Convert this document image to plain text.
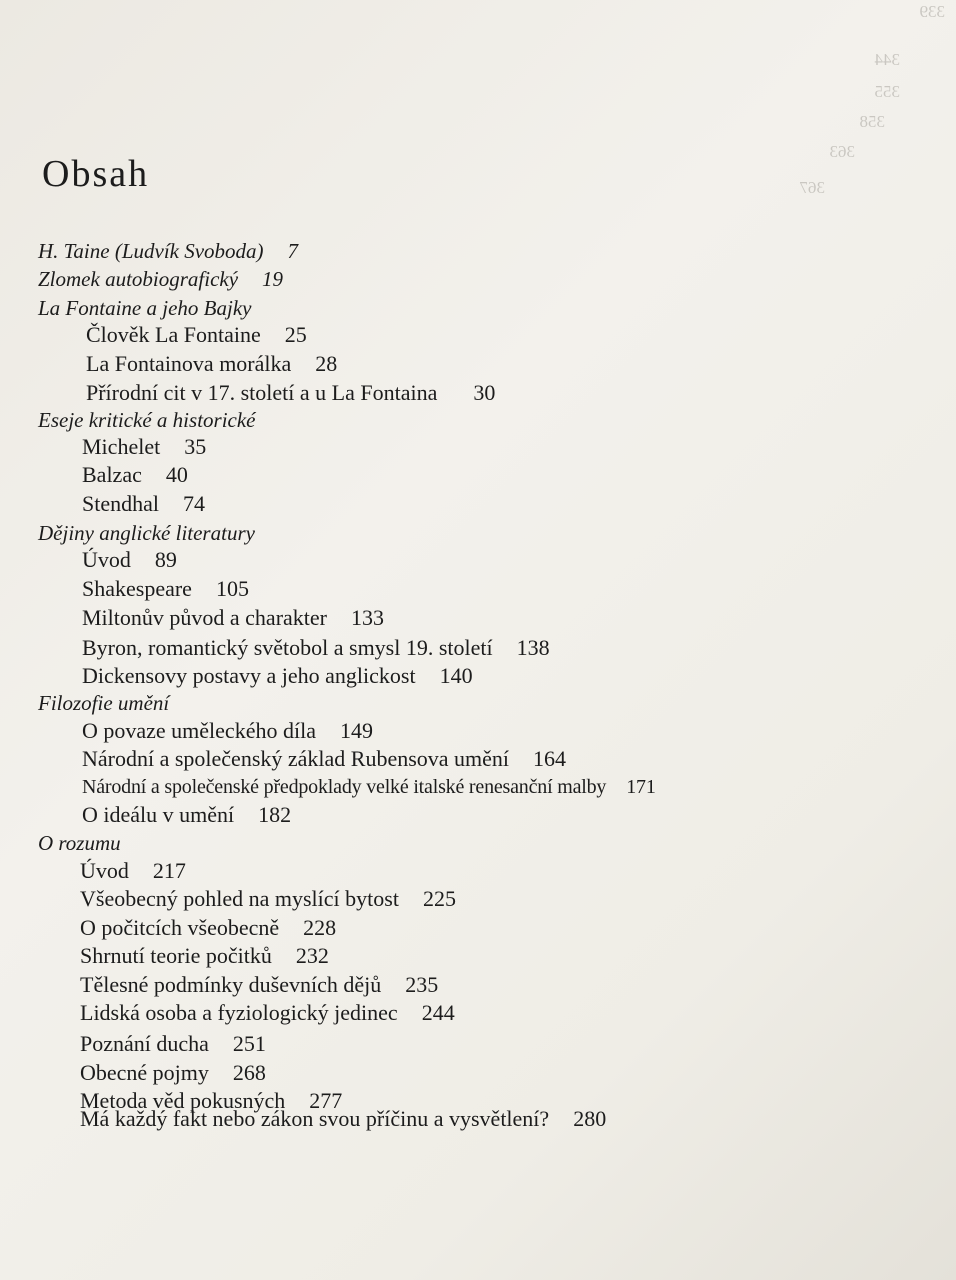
339
344
355
358
363
367
Obsah
H. Taine (Ludvík Svoboda) 7
Zlomek autobiografický 19
La Fontaine a jeho Bajky
Člověk La Fontaine 25
La Fontainova morálka 28
Přírodní cit v 17. století a u La Fontaina 30
Eseje kritické a historické
Michelet 35
Balzac 40
Stendhal 74
Dějiny anglické literatury
Úvod 89
Shakespeare 105
Miltonův původ a charakter 133
Byron, romantický světobol a smysl 19. století 138
Dickensovy postavy a jeho anglickost 140
Filozofie umění
O povaze uměleckého díla 149
Národní a společenský základ Rubensova umění 164
Národní a společenské předpoklady velké italské renesanční malby 171
O ideálu v umění 182
O rozumu
Úvod 217
Všeobecný pohled na myslící bytost 225
O počitcích všeobecně 228
Shrnutí teorie počitků 232
Tělesné podmínky duševních dějů 235
Lidská osoba a fyziologický jedinec 244
Poznání ducha 251
Obecné pojmy 268
Metoda věd pokusných 277
Má každý fakt nebo zákon svou příčinu a vysvětlení? 280
